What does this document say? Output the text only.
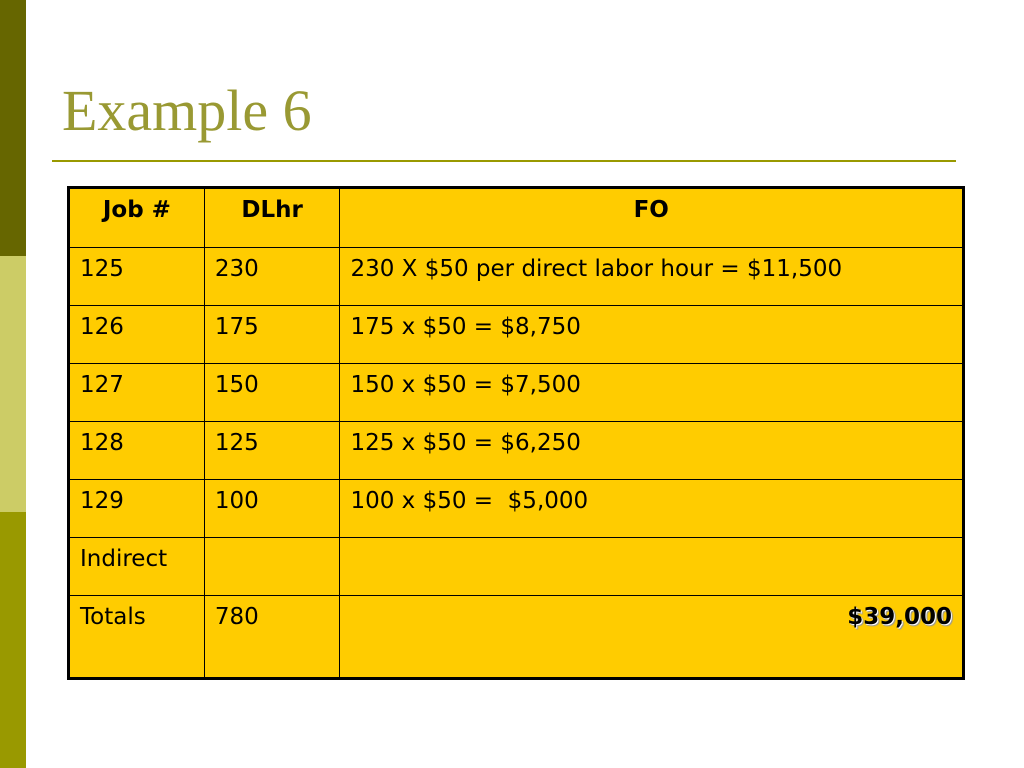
Example 6
Job #	DLhr	FO
125	230	230 X $50 per direct labor hour = $11,500
126	175	175 x $50 = $8,750
127	150	150 x $50 = $7,500
128	125	125 x $50 = $6,250
129	100	100 x $50 =  $5,000
Indirect		
Totals	780	$39,000
